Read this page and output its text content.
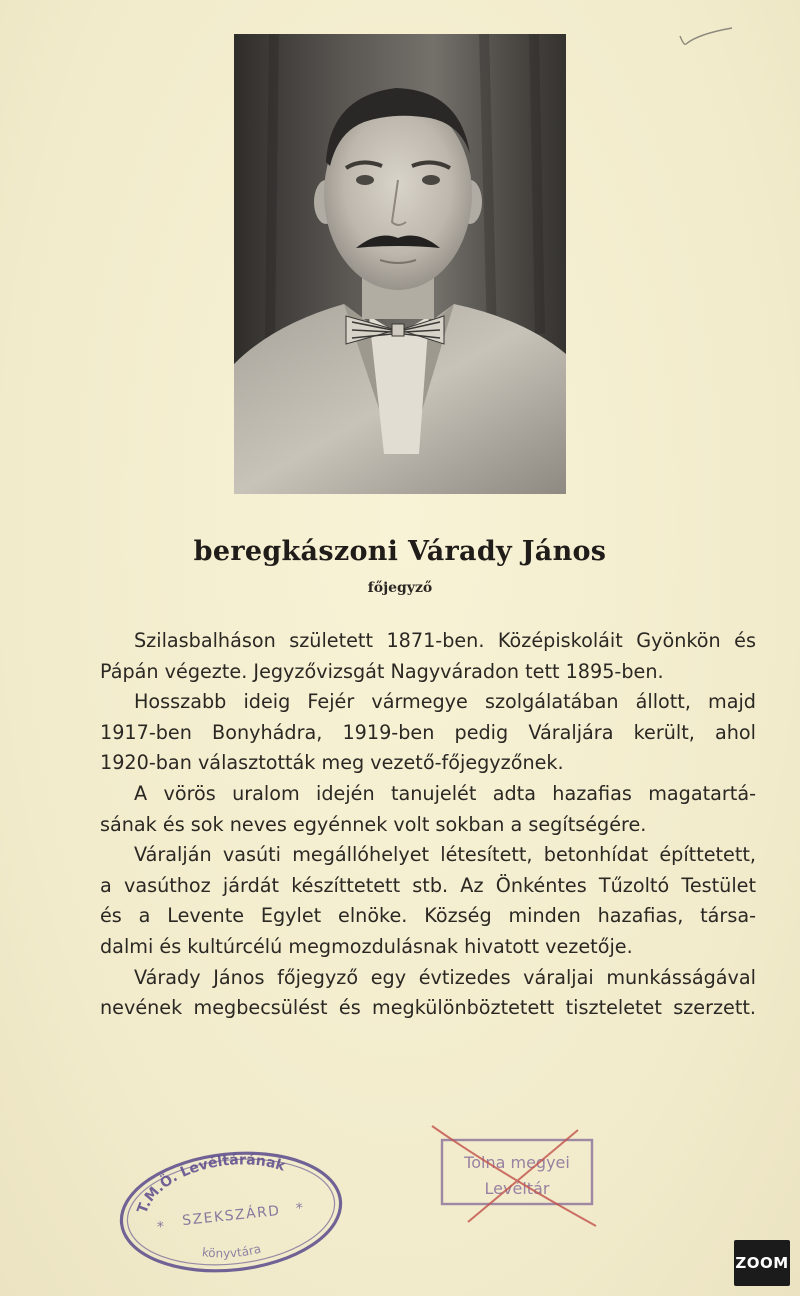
beregkászoni Várady János
főjegyző

Szilasbalháson született 1871-ben. Középiskoláit Gyönkön és
Pápán végezte. Jegyzővizsgát Nagyváradon tett 1895-ben.

Hosszabb ideig Fejér vármegye szolgálatában állott, majd
1917-ben Bonyhádra, 1919-ben pedig Váraljára került, ahol
1920-ban választották meg vezető-főjegyzőnek.

A vörös uralom idején tanujelét adta hazafias magatartá-
sának és sok neves egyénnek volt sokban a segítségére.

Váralján vasúti megállóhelyet létesített, betonhídat építtetett,
a vasúthoz járdát készíttetett stb. Az Önkéntes Tűzoltó Testület
és a Levente Egylet elnöke. Község minden hazafias, társa-
dalmi és kultúrcélú megmozdulásnak hivatott vezetője.

Várady János főjegyző egy évtizedes váraljai munkásságával
nevének megbecsülést és megkülönböztetett tiszteletet szerzett.

T.M.Ö. Levéltárának
SZEKSZÁRD
*
*
könyvtára
Tolna megyei
Levéltár
ZOOM
